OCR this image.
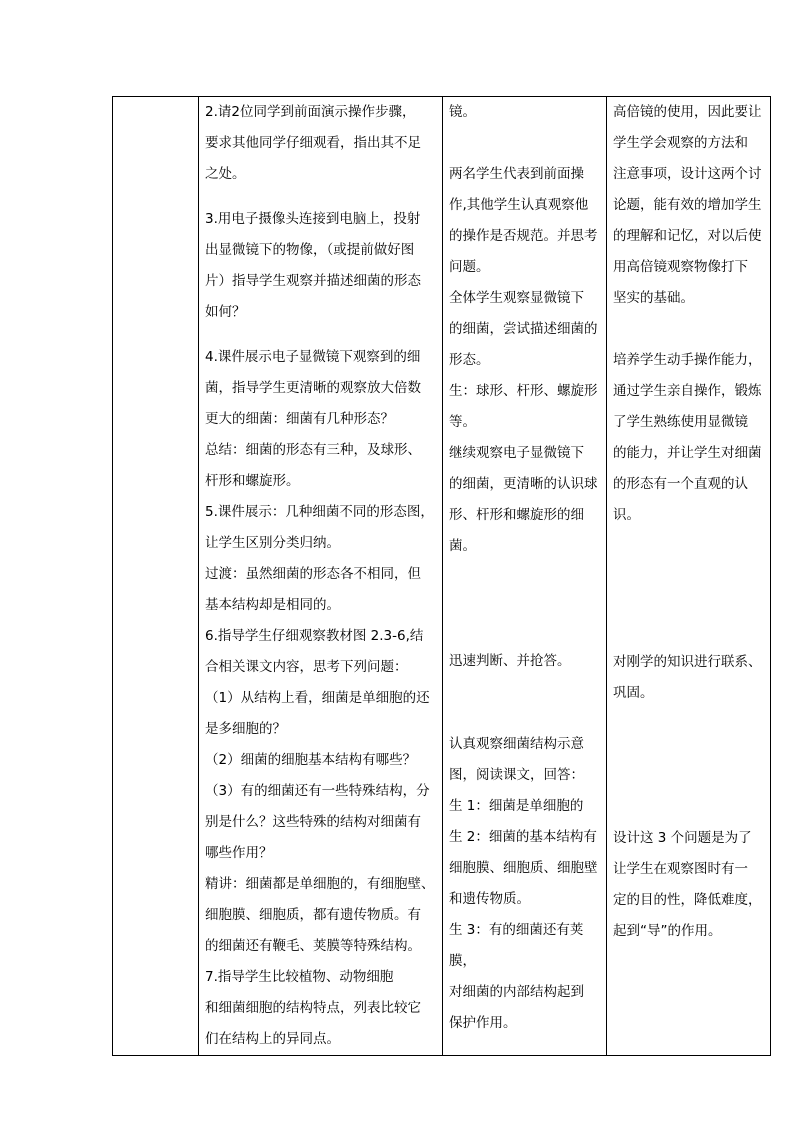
2.请2位同学到前面演示操作步骤，
要求其他同学仔细观看，指出其不足
之处。
3.用电子摄像头连接到电脑上，投射
出显微镜下的物像，（或提前做好图
片）指导学生观察并描述细菌的形态
如何？
4.课件展示电子显微镜下观察到的细
菌，指导学生更清晰的观察放大倍数
更大的细菌：细菌有几种形态？
总结：细菌的形态有三种，及球形、
杆形和螺旋形。
5.课件展示：几种细菌不同的形态图，
让学生区别分类归纳。
过渡：虽然细菌的形态各不相同，但
基本结构却是相同的。
6.指导学生仔细观察教材图 2.3-6,结
合相关课文内容，思考下列问题：
（1）从结构上看，细菌是单细胞的还
是多细胞的？
（2）细菌的细胞基本结构有哪些？
（3）有的细菌还有一些特殊结构，分
别是什么？这些特殊的结构对细菌有
哪些作用？
精讲：细菌都是单细胞的，有细胞壁、
细胞膜、细胞质，都有遗传物质。有
的细菌还有鞭毛、荚膜等特殊结构。
7.指导学生比较植物、动物细胞
和细菌细胞的结构特点，列表比较它
们在结构上的异同点。

镜。
两名学生代表到前面操
作,其他学生认真观察他
的操作是否规范。并思考
问题。
全体学生观察显微镜下
的细菌，尝试描述细菌的
形态。
生：球形、杆形、螺旋形
等。
继续观察电子显微镜下
的细菌，更清晰的认识球
形、杆形和螺旋形的细菌。
迅速判断、并抢答。
认真观察细菌结构示意
图，阅读课文，回答：
生 1：细菌是单细胞的
生 2：细菌的基本结构有
细胞膜、细胞质、细胞壁
和遗传物质。
生 3：有的细菌还有荚膜，
对细菌的内部结构起到
保护作用。

高倍镜的使用，因此要让
学生学会观察的方法和
注意事项，设计这两个讨
论题，能有效的增加学生
的理解和记忆，对以后使
用高倍镜观察物像打下
坚实的基础。
培养学生动手操作能力，
通过学生亲自操作，锻炼
了学生熟练使用显微镜
的能力，并让学生对细菌
的形态有一个直观的认
识。
对刚学的知识进行联系、
巩固。
设计这 3 个问题是为了
让学生在观察图时有一
定的目的性，降低难度，
起到“导”的作用。
